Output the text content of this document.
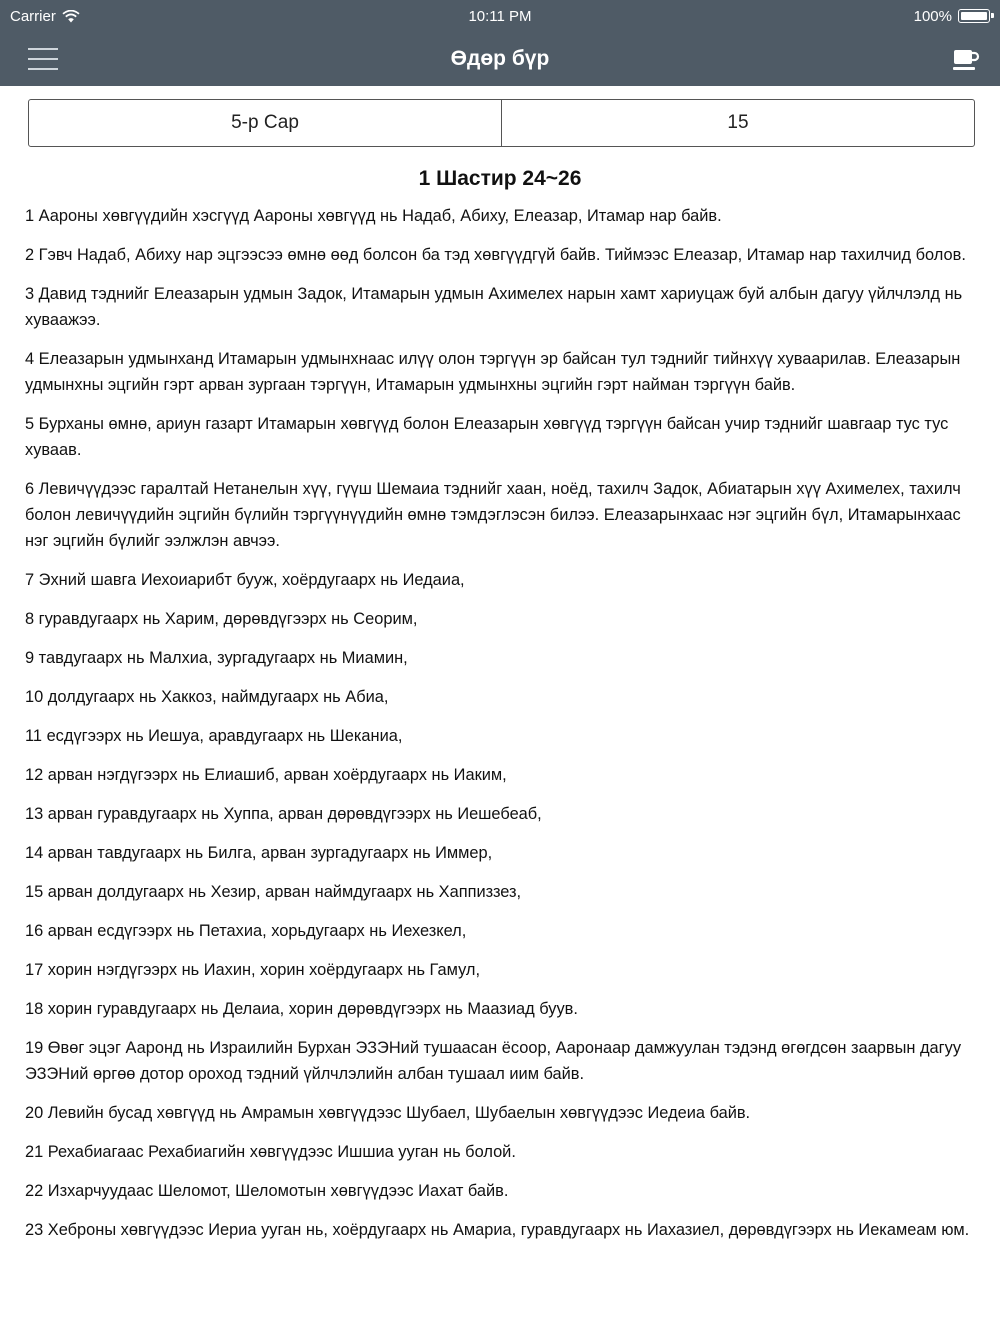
Carrier	10:11 PM	100%
Өдөр бүр
5-р Сар	15
1 Шастир 24~26

1 Аароны хөвгүүдийн хэсгүүд Аароны хөвгүүд нь Надаб, Абиху, Елеазар, Итамар нар байв.

2 Гэвч Надаб, Абиху нар эцгээсээ өмнө өөд болсон ба тэд хөвгүүдгүй байв. Тиймээс Елеазар, Итамар нар тахилчид болов.

3 Давид тэднийг Елеазарын удмын Задок, Итамарын удмын Ахимелех нарын хамт хариуцаж буй албын дагуу үйлчлэлд нь хуваажээ.

4 Елеазарын удмынханд Итамарын удмынхнаас илүү олон тэргүүн эр байсан тул тэднийг тийнхүү хуваарилав. Елеазарын удмынхны эцгийн гэрт арван зургаан тэргүүн, Итамарын удмынхны эцгийн гэрт найман тэргүүн байв.

5 Бурханы өмнө, ариун газарт Итамарын хөвгүүд болон Елеазарын хөвгүүд тэргүүн байсан учир тэднийг шавгаар тус тус хуваав.

6 Левичүүдээс гаралтай Нетанелын хүү, гүүш Шемаиа тэднийг хаан, ноёд, тахилч Задок, Абиатарын хүү Ахимелех, тахилч болон левичүүдийн эцгийн бүлийн тэргүүнүүдийн өмнө тэмдэглэсэн билээ. Елеазарынхаас нэг эцгийн бүл, Итамарынхаас нэг эцгийн бүлийг ээлжлэн авчээ.

7 Эхний шавга Иехоиарибт бууж, хоёрдугаарх нь Иедаиа,

8 гуравдугаарх нь Харим, дөрөвдүгээрх нь Сеорим,

9 тавдугаарх нь Малхиа, зургадугаарх нь Миамин,

10 долдугаарх нь Хаккоз, наймдугаарх нь Абиа,

11 есдүгээрх нь Иешуа, аравдугаарх нь Шеканиа,

12 арван нэгдүгээрх нь Елиашиб, арван хоёрдугаарх нь Иаким,

13 арван гуравдугаарх нь Хуппа, арван дөрөвдүгээрх нь Иешебеаб,

14 арван тавдугаарх нь Билга, арван зургадугаарх нь Иммер,

15 арван долдугаарх нь Хезир, арван наймдугаарх нь Хаппиззез,

16 арван есдүгээрх нь Петахиа, хорьдугаарх нь Иехезкел,

17 хорин нэгдүгээрх нь Иахин, хорин хоёрдугаарх нь Гамул,

18 хорин гуравдугаарх нь Делаиа, хорин дөрөвдүгээрх нь Маазиад буув.

19 Өвөг эцэг Ааронд нь Израилийн Бурхан ЭЗЭНий тушаасан ёсоор, Аaронаар дамжуулан тэдэнд өгөгдсөн заарвын дагуу ЭЗЭНий өргөө дотор ороход тэдний үйлчлэлийн албан тушаал иим байв.

20 Левийн бусад хөвгүүд нь Амрамын хөвгүүдээс Шубаел, Шубаелын хөвгүүдээс Иедеиа байв.

21 Рехабиагаас Рехабиагийн хөвгүүдээс Ишшиа ууган нь болой.

22 Изхарчуудаас Шеломот, Шеломотын хөвгүүдээс Иахат байв.

23 Хеброны хөвгүүдээс Иериа ууган нь, хоёрдугаарх нь Амариа, гуравдугаарх нь Иахазиел, дөрөвдүгээрх нь Иекамеам юм.
